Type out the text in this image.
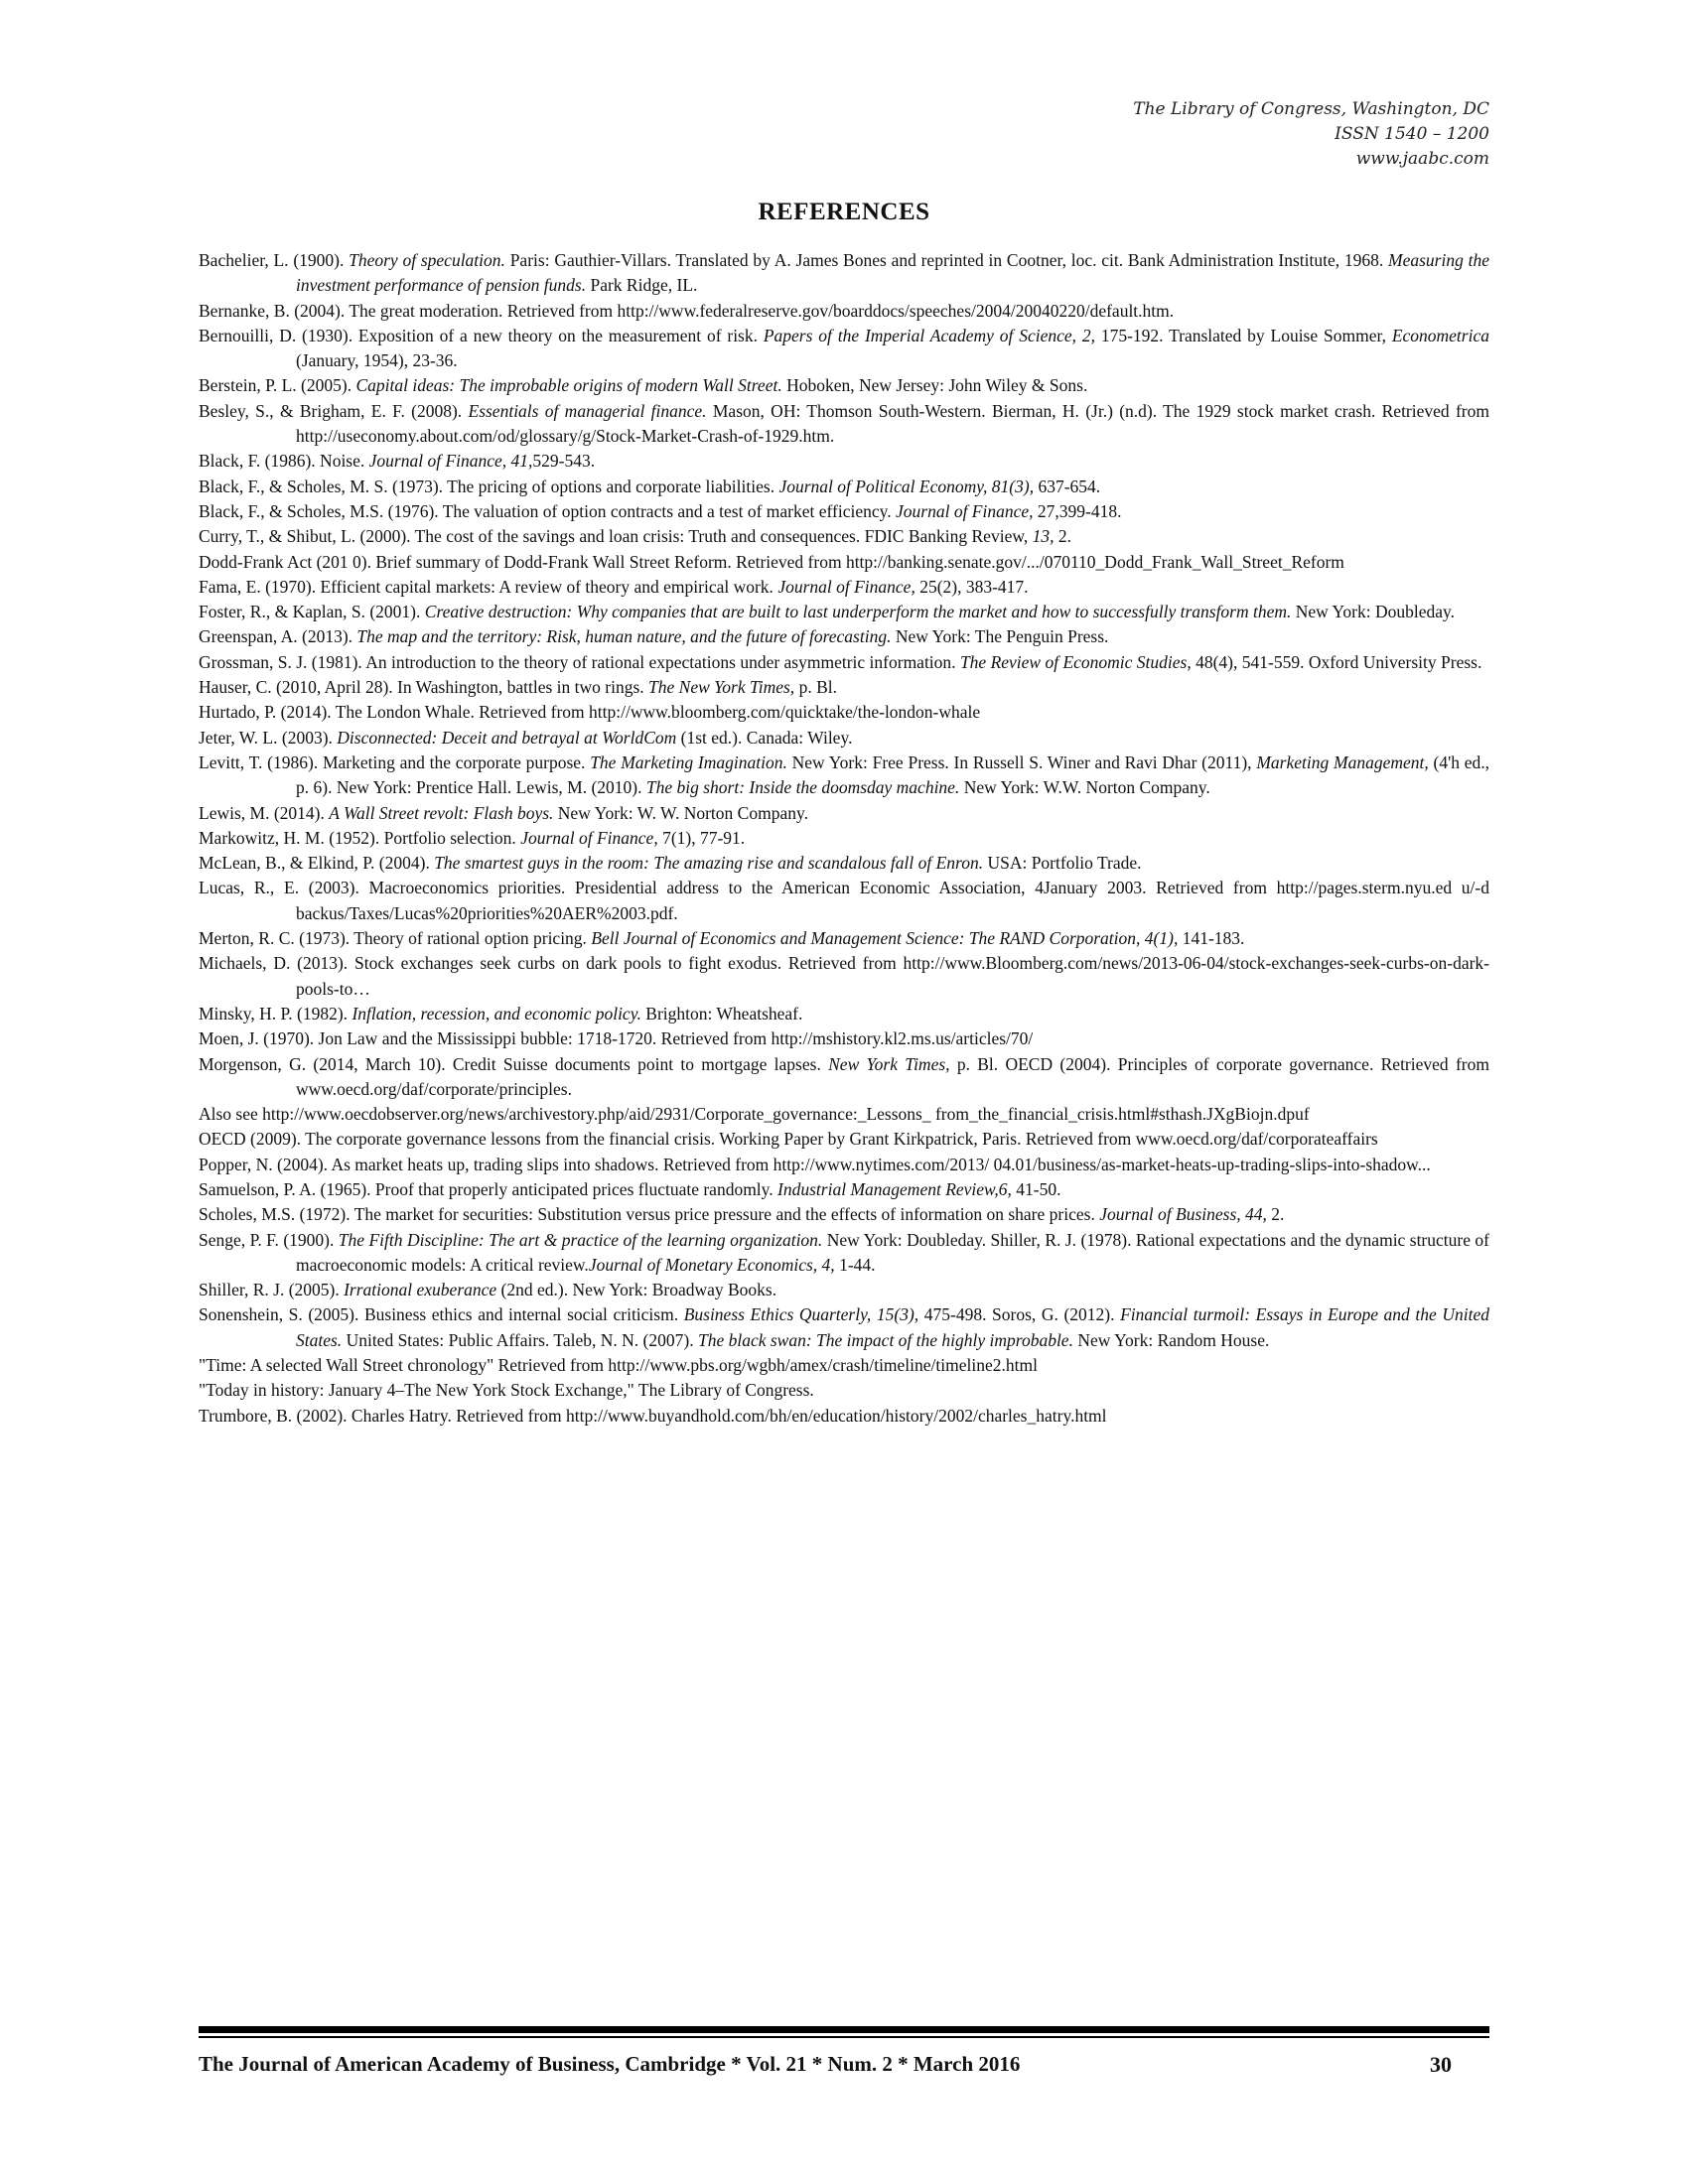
The Library of Congress, Washington, DC
ISSN 1540 – 1200
www.jaabc.com
REFERENCES
Bachelier, L. (1900). Theory of speculation. Paris: Gauthier-Villars. Translated by A. James Bones and reprinted in Cootner, loc. cit. Bank Administration Institute, 1968. Measuring the investment performance of pension funds. Park Ridge, IL.
Bernanke, B. (2004). The great moderation. Retrieved from http://www.federalreserve.gov/boarddocs/speeches/2004/20040220/default.htm.
Bernouilli, D. (1930). Exposition of a new theory on the measurement of risk. Papers of the Imperial Academy of Science, 2, 175-192. Translated by Louise Sommer, Econometrica (January, 1954), 23-36.
Berstein, P. L. (2005). Capital ideas: The improbable origins of modern Wall Street. Hoboken, New Jersey: John Wiley & Sons.
Besley, S., & Brigham, E. F. (2008). Essentials of managerial finance. Mason, OH: Thomson South-Western. Bierman, H. (Jr.) (n.d). The 1929 stock market crash. Retrieved from http://useconomy.about.com/od/glossary/g/Stock-Market-Crash-of-1929.htm.
Black, F. (1986). Noise. Journal of Finance, 41,529-543.
Black, F., & Scholes, M. S. (1973). The pricing of options and corporate liabilities. Journal of Political Economy, 81(3), 637-654.
Black, F., & Scholes, M.S. (1976). The valuation of option contracts and a test of market efficiency. Journal of Finance, 27,399-418.
Curry, T., & Shibut, L. (2000). The cost of the savings and loan crisis: Truth and consequences. FDIC Banking Review, 13, 2.
Dodd-Frank Act (201 0). Brief summary of Dodd-Frank Wall Street Reform. Retrieved from http://banking.senate.gov/.../070110_Dodd_Frank_Wall_Street_Reform
Fama, E. (1970). Efficient capital markets: A review of theory and empirical work. Journal of Finance, 25(2), 383-417.
Foster, R., & Kaplan, S. (2001). Creative destruction: Why companies that are built to last underperform the market and how to successfully transform them. New York: Doubleday.
Greenspan, A. (2013). The map and the territory: Risk, human nature, and the future of forecasting. New York: The Penguin Press.
Grossman, S. J. (1981). An introduction to the theory of rational expectations under asymmetric information. The Review of Economic Studies, 48(4), 541-559. Oxford University Press.
Hauser, C. (2010, April 28). In Washington, battles in two rings. The New York Times, p. Bl.
Hurtado, P. (2014). The London Whale. Retrieved from http://www.bloomberg.com/quicktake/the-london-whale
Jeter, W. L. (2003). Disconnected: Deceit and betrayal at WorldCom (1st ed.). Canada: Wiley.
Levitt, T. (1986). Marketing and the corporate purpose. The Marketing Imagination. New York: Free Press. In Russell S. Winer and Ravi Dhar (2011), Marketing Management, (4'h ed., p. 6). New York: Prentice Hall. Lewis, M. (2010). The big short: Inside the doomsday machine. New York: W.W. Norton Company.
Lewis, M. (2014). A Wall Street revolt: Flash boys. New York: W. W. Norton Company.
Markowitz, H. M. (1952). Portfolio selection. Journal of Finance, 7(1), 77-91.
McLean, B., & Elkind, P. (2004). The smartest guys in the room: The amazing rise and scandalous fall of Enron. USA: Portfolio Trade.
Lucas, R., E. (2003). Macroeconomics priorities. Presidential address to the American Economic Association, 4January 2003. Retrieved from http://pages.sterm.nyu.ed u/-d backus/Taxes/Lucas%20priorities%20AER%2003.pdf.
Merton, R. C. (1973). Theory of rational option pricing. Bell Journal of Economics and Management Science: The RAND Corporation, 4(1), 141-183.
Michaels, D. (2013). Stock exchanges seek curbs on dark pools to fight exodus. Retrieved from http://www.Bloomberg.com/news/2013-06-04/stock-exchanges-seek-curbs-on-dark-pools-to…
Minsky, H. P. (1982). Inflation, recession, and economic policy. Brighton: Wheatsheaf.
Moen, J. (1970). Jon Law and the Mississippi bubble: 1718-1720. Retrieved from http://mshistory.kl2.ms.us/articles/70/
Morgenson, G. (2014, March 10). Credit Suisse documents point to mortgage lapses. New York Times, p. Bl. OECD (2004). Principles of corporate governance. Retrieved from www.oecd.org/daf/corporate/principles.
Also see http://www.oecdobserver.org/news/archivestory.php/aid/2931/Corporate_governance:_Lessons_ from_the_financial_crisis.html#sthash.JXgBiojn.dpuf
OECD (2009). The corporate governance lessons from the financial crisis. Working Paper by Grant Kirkpatrick, Paris. Retrieved from www.oecd.org/daf/corporateaffairs
Popper, N. (2004). As market heats up, trading slips into shadows. Retrieved from http://www.nytimes.com/2013/ 04.01/business/as-market-heats-up-trading-slips-into-shadow...
Samuelson, P. A. (1965). Proof that properly anticipated prices fluctuate randomly. Industrial Management Review,6, 41-50.
Scholes, M.S. (1972). The market for securities: Substitution versus price pressure and the effects of information on share prices. Journal of Business, 44, 2.
Senge, P. F. (1900). The Fifth Discipline: The art & practice of the learning organization. New York: Doubleday. Shiller, R. J. (1978). Rational expectations and the dynamic structure of macroeconomic models: A critical review.Journal of Monetary Economics, 4, 1-44.
Shiller, R. J. (2005). Irrational exuberance (2nd ed.). New York: Broadway Books.
Sonenshein, S. (2005). Business ethics and internal social criticism. Business Ethics Quarterly, 15(3), 475-498. Soros, G. (2012). Financial turmoil: Essays in Europe and the United States. United States: Public Affairs. Taleb, N. N. (2007). The black swan: The impact of the highly improbable. New York: Random House.
"Time: A selected Wall Street chronology" Retrieved from http://www.pbs.org/wgbh/amex/crash/timeline/timeline2.html
"Today in history: January 4–The New York Stock Exchange," The Library of Congress.
Trumbore, B. (2002). Charles Hatry. Retrieved from http://www.buyandhold.com/bh/en/education/history/2002/charles_hatry.html
The Journal of American Academy of Business, Cambridge * Vol. 21 * Num. 2 * March 2016	30
